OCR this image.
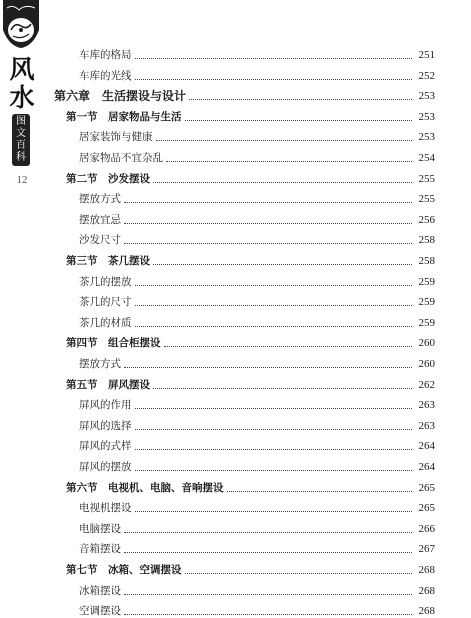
风
水
图
文
百
科
12
车库的格局	251
车库的光线	252
第六章　生活摆设与设计	253
第一节　居家物品与生活	253
居家装饰与健康	253
居家物品不宜杂乱	254
第二节　沙发摆设	255
摆放方式	255
摆放宜忌	256
沙发尺寸	258
第三节　茶几摆设	258
茶几的摆放	259
茶几的尺寸	259
茶几的材质	259
第四节　组合柜摆设	260
摆放方式	260
第五节　屏风摆设	262
屏风的作用	263
屏风的选择	263
屏风的式样	264
屏风的摆放	264
第六节　电视机、电脑、音响摆设	265
电视机摆设	265
电脑摆设	266
音箱摆设	267
第七节　冰箱、空调摆设	268
冰箱摆设	268
空调摆设	268
